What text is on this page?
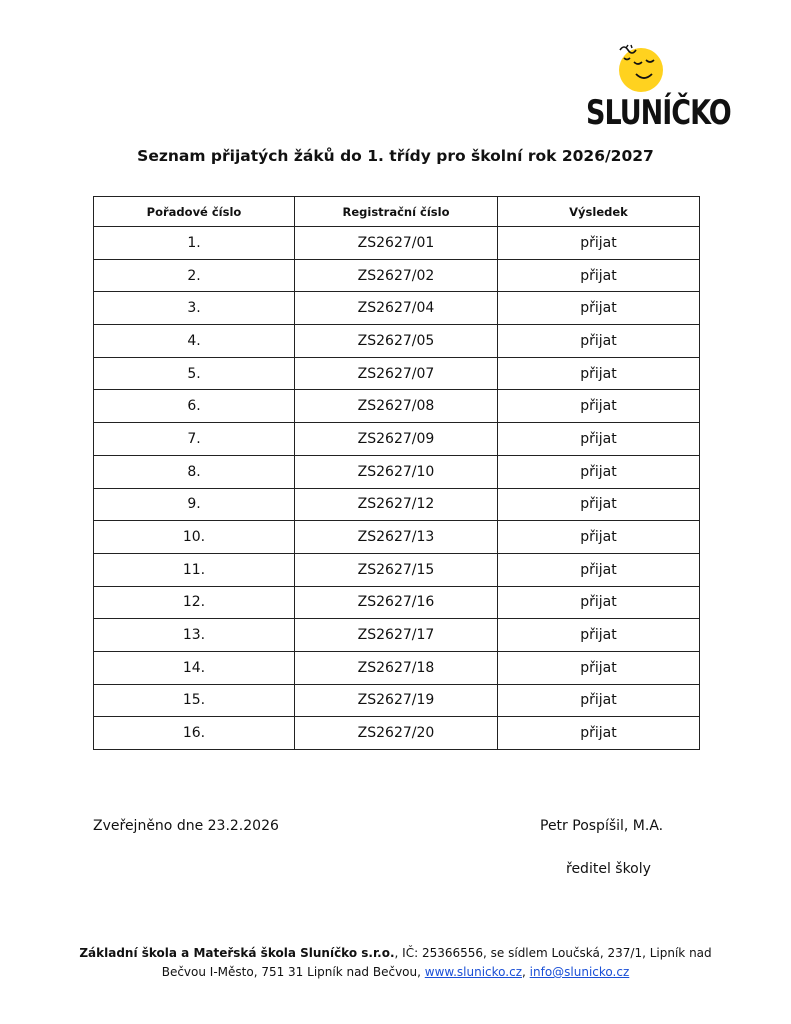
SLUNÍČKO
Seznam přijatých žáků do 1. třídy pro školní rok 2026/2027
Pořadové číslo	Registrační číslo	Výsledek
1.	ZS2627/01	přijat
2.	ZS2627/02	přijat
3.	ZS2627/04	přijat
4.	ZS2627/05	přijat
5.	ZS2627/07	přijat
6.	ZS2627/08	přijat
7.	ZS2627/09	přijat
8.	ZS2627/10	přijat
9.	ZS2627/12	přijat
10.	ZS2627/13	přijat
11.	ZS2627/15	přijat
12.	ZS2627/16	přijat
13.	ZS2627/17	přijat
14.	ZS2627/18	přijat
15.	ZS2627/19	přijat
16.	ZS2627/20	přijat
Zveřejněno dne 23.2.2026	Petr Pospíšil, M.A.
ředitel školy
Základní škola a Mateřská škola Sluníčko s.r.o., IČ: 25366556, se sídlem Loučská, 237/1, Lipník nad
Bečvou I-Město, 751 31 Lipník nad Bečvou, www.slunicko.cz, info@slunicko.cz
